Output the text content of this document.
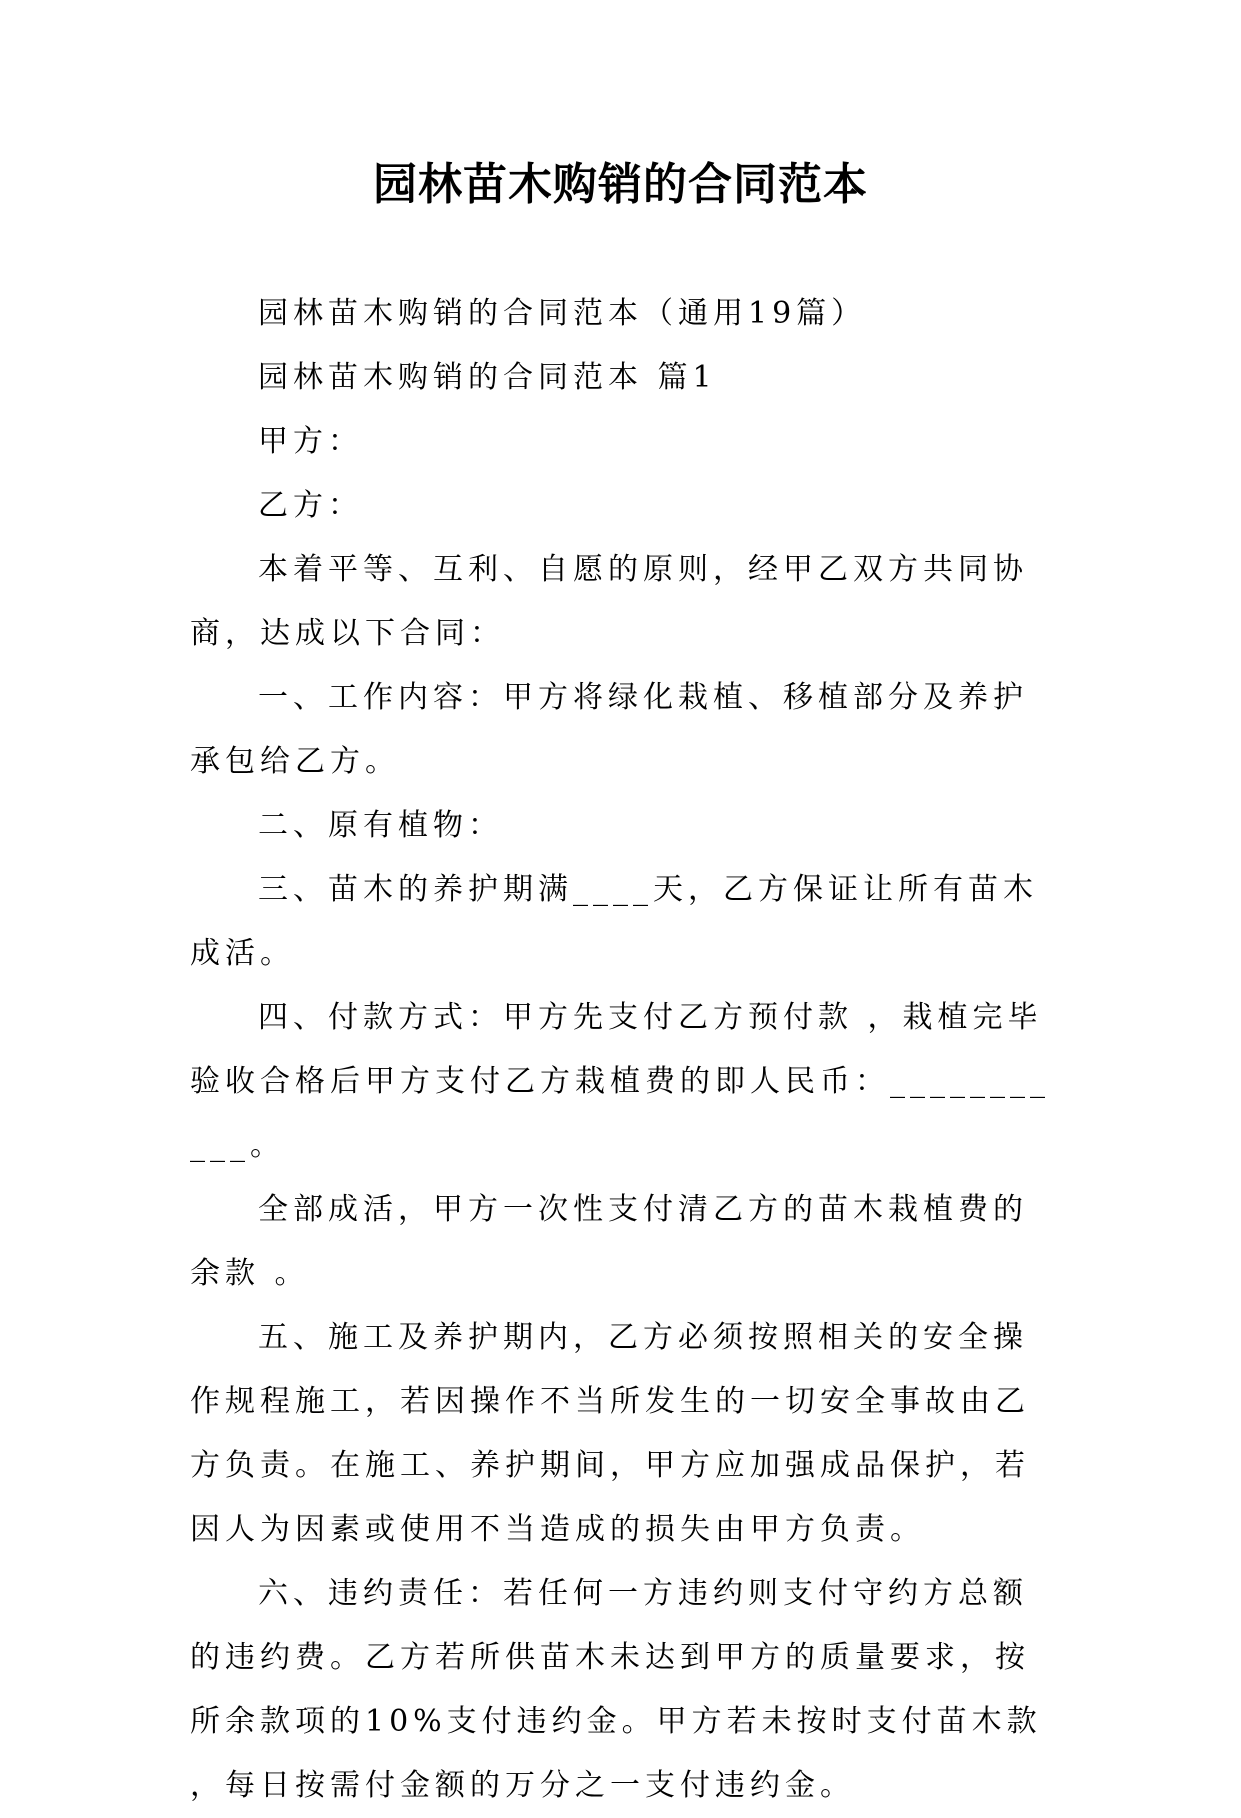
园林苗木购销的合同范本

园林苗木购销的合同范本（通用19篇）

园林苗木购销的合同范本 篇1

甲方：

乙方：

本着平等、互利、自愿的原则，经甲乙双方共同协商，达成以下合同：

一、工作内容：甲方将绿化栽植、移植部分及养护承包给乙方。

二、原有植物：

三、苗木的养护期满____天，乙方保证让所有苗木成活。

四、付款方式：甲方先支付乙方预付款 ，栽植完毕验收合格后甲方支付乙方栽植费的即人民币：___________。

全部成活，甲方一次性支付清乙方的苗木栽植费的余款 。

五、施工及养护期内，乙方必须按照相关的安全操作规程施工，若因操作不当所发生的一切安全事故由乙方负责。在施工、养护期间，甲方应加强成品保护，若因人为因素或使用不当造成的损失由甲方负责。

六、违约责任：若任何一方违约则支付守约方总额 的违约费。乙方若所供苗木未达到甲方的质量要求，按所余款项的10%支付违约金。甲方若未按时支付苗木款，每日按需付金额的万分之一支付违约金。
